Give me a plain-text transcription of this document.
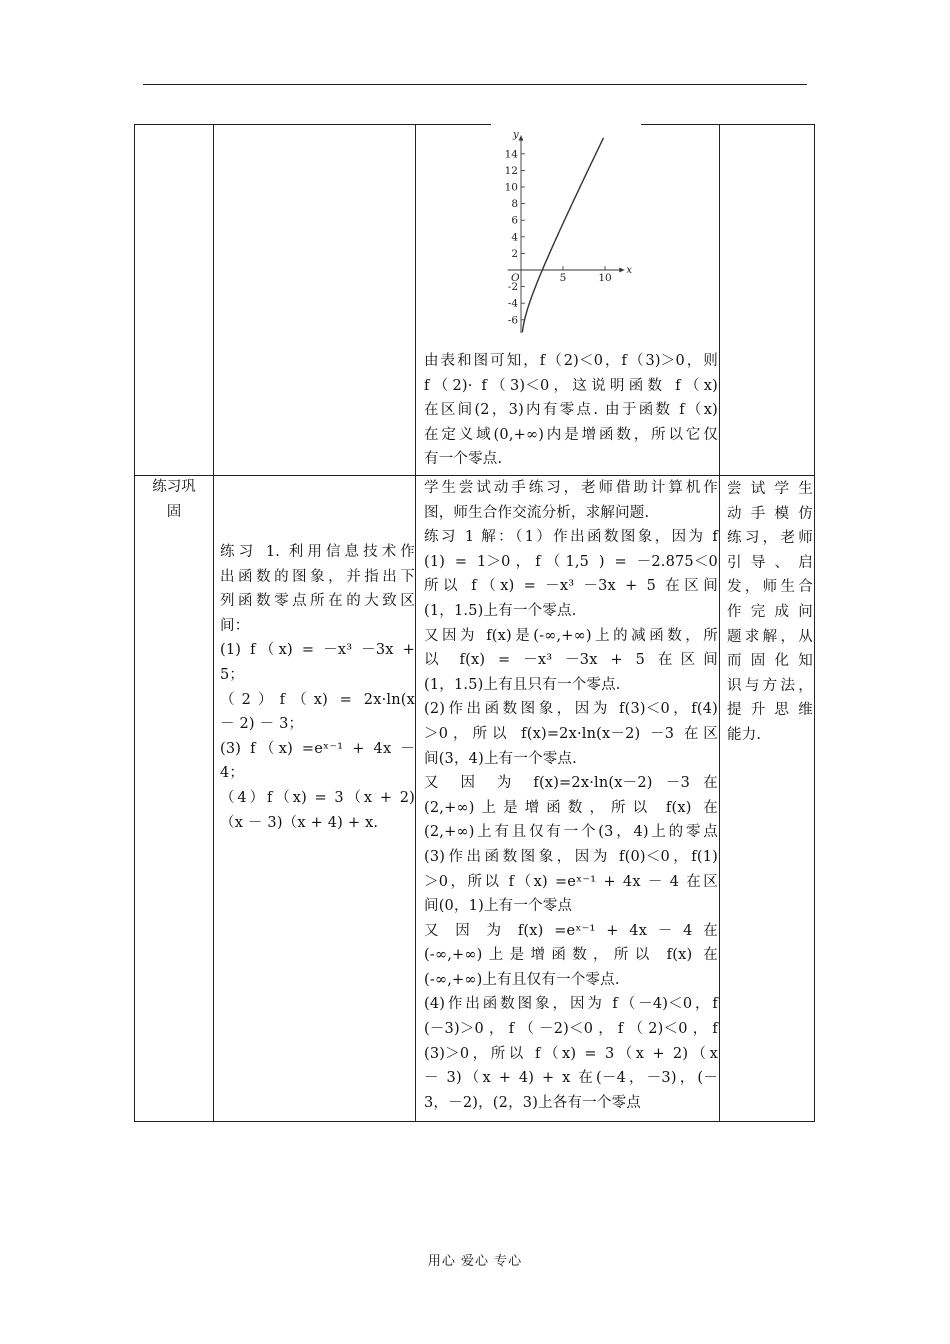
14
12
10
8
6
4
2
-2
-4
-6
5	10
y
x
O

由表和图可知，f（2)＜0，f（3)＞0，则

f（2)· f（3)＜0，这说明函数 f（x)

在区间(2，3)内有零点. 由于函数 f（x)

在定义域(0,+∞)内是增函数，所以它仅

有一个零点.

练习巩

固

练习 1. 利用信息技术作

出函数的图象，并指出下

列函数零点所在的大致区

间：

(1) f（x) = －x³ －3x +

5；

（2）f（x) = 2x·ln(x

－ 2) － 3；

(3) f（x) =eˣ⁻¹ + 4x －

4；

（4）f（x) = 3（x + 2)

（x － 3)（x + 4) + x.

学生尝试动手练习，老师借助计算机作

图，师生合作交流分析，求解问题.

练习 1 解：（1）作出函数图象，因为 f

(1) = 1＞0，f（1,5 ) = －2.875＜0

所以 f（x) = －x³ －3x + 5 在区间

(1，1.5)上有一个零点.

又因为 f(x)是(-∞,+∞)上的减函数，所

以 f(x) = －x³ －3x + 5 在区间

(1，1.5)上有且只有一个零点.

(2)作出函数图象，因为 f(3)＜0，f(4)

＞0，所以 f(x)=2x·ln(x－2) －3 在区

间(3，4)上有一个零点.

又 因 为 f(x)=2x·ln(x－2) －3 在

(2,+∞)上是增函数，所以 f(x) 在

(2,+∞)上有且仅有一个(3，4)上的零点

(3)作出函数图象，因为 f(0)＜0，f(1)

＞0，所以 f（x) =eˣ⁻¹ + 4x － 4 在区

间(0，1)上有一个零点

又 因 为 f(x) =eˣ⁻¹ + 4x － 4 在

(-∞,+∞)上是增函数，所以 f(x) 在

(-∞,+∞)上有且仅有一个零点.

(4)作出函数图象，因为 f（－4)＜0，f

(－3)＞0，f（－2)＜0，f（2)＜0，f

(3)＞0，所以 f（x) = 3（x + 2)（x

－ 3)（x + 4) + x 在(－4，－3)，(－

3，－2)，(2，3)上各有一个零点

尝试学生

动手模仿

练习，老师

引导、启

发，师生合

作完成问

题求解，从

而固化知

识与方法，

提升思维

能力.

用心 爱心 专心
